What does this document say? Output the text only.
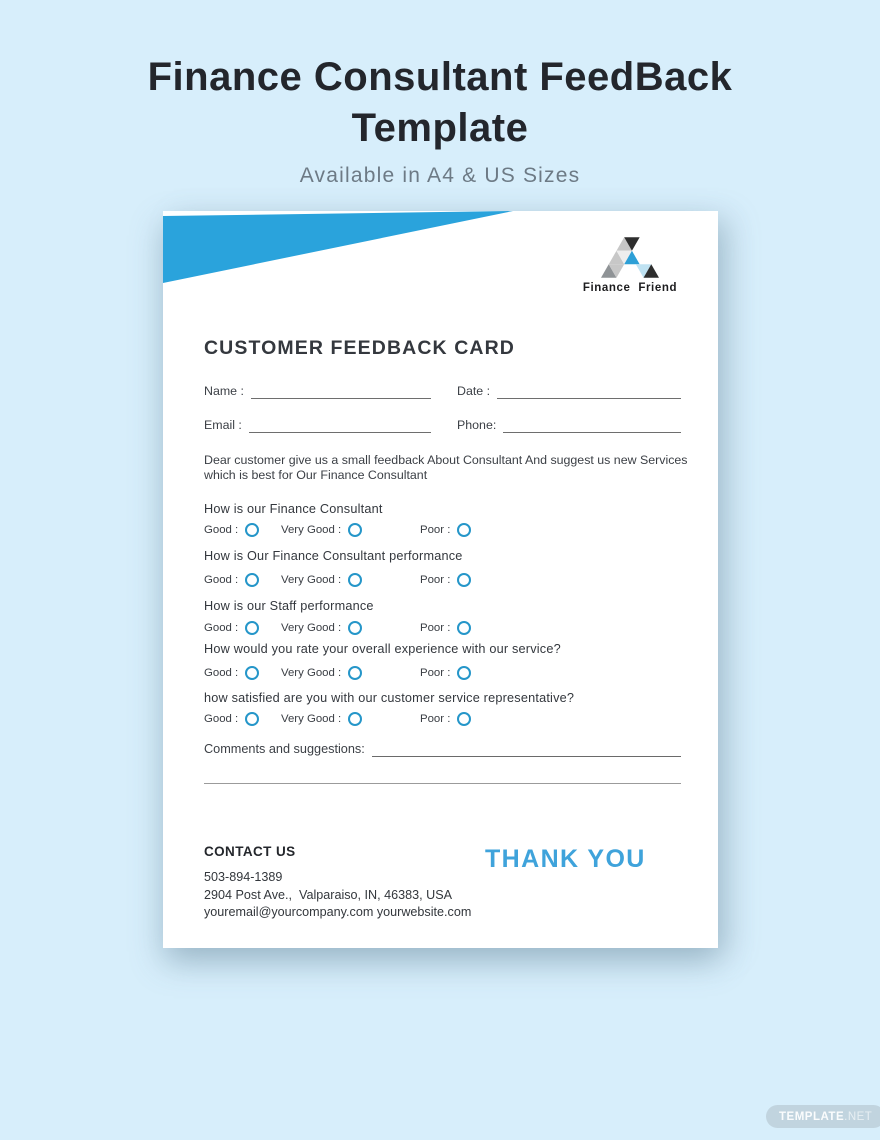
Finance Consultant FeedBack
Template
Available in A4 & US Sizes
Finance Friend
CUSTOMER FEEDBACK CARD
Name :	Date :
Email :	Phone:
Dear customer give us a small feedback About Consultant And suggest us new Services which is best for Our Finance Consultant
How is our Finance Consultant
Good :	Very Good :	Poor :
How is Our Finance Consultant performance
Good :	Very Good :	Poor :
How is our Staff performance
Good :	Very Good :	Poor :
How would you rate your overall experience with our service?
Good :	Very Good :	Poor :
how satisfied are you with our customer service representative?
Good :	Very Good :	Poor :
Comments and suggestions:
CONTACT US
503-894-1389
2904 Post Ave.,  Valparaiso, IN, 46383, USA
youremail@yourcompany.com yourwebsite.com
THANK YOU
TEMPLATE .NET
